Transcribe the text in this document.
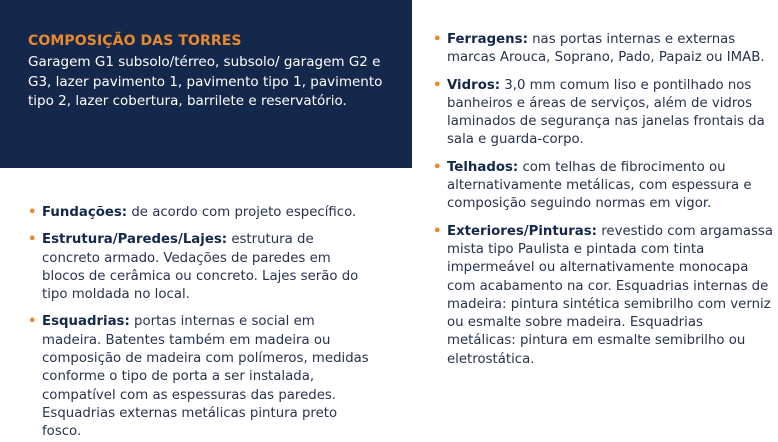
COMPOSIÇÃO DAS TORRES
Garagem G1 subsolo/térreo, subsolo/ garagem G2 e G3, lazer pavimento 1, pavimento tipo 1, pavimento tipo 2, lazer cobertura, barrilete e reservatório.
• Fundações: de acordo com projeto específico.
• Estrutura/Paredes/Lajes: estrutura de concreto armado. Vedações de paredes em blocos de cerâmica ou concreto. Lajes serão do tipo moldada no local.
• Esquadrias: portas internas e social em madeira. Batentes também em madeira ou composição de madeira com polímeros, medidas conforme o tipo de porta a ser instalada, compatível com as espessuras das paredes. Esquadrias externas metálicas pintura preto fosco.
• Ferragens: nas portas internas e externas marcas Arouca, Soprano, Pado, Papaiz ou IMAB.
• Vidros: 3,0 mm comum liso e pontilhado nos banheiros e áreas de serviços, além de vidros laminados de segurança nas janelas frontais da sala e guarda-corpo.
• Telhados: com telhas de fibrocimento ou alternativamente metálicas, com espessura e composição seguindo normas em vigor.
• Exteriores/Pinturas: revestido com argamassa mista tipo Paulista e pintada com tinta impermeável ou alternativamente monocapa com acabamento na cor. Esquadrias internas de madeira: pintura sintética semibrilho com verniz ou esmalte sobre madeira. Esquadrias metálicas: pintura em esmalte semibrilho ou eletrostática.
